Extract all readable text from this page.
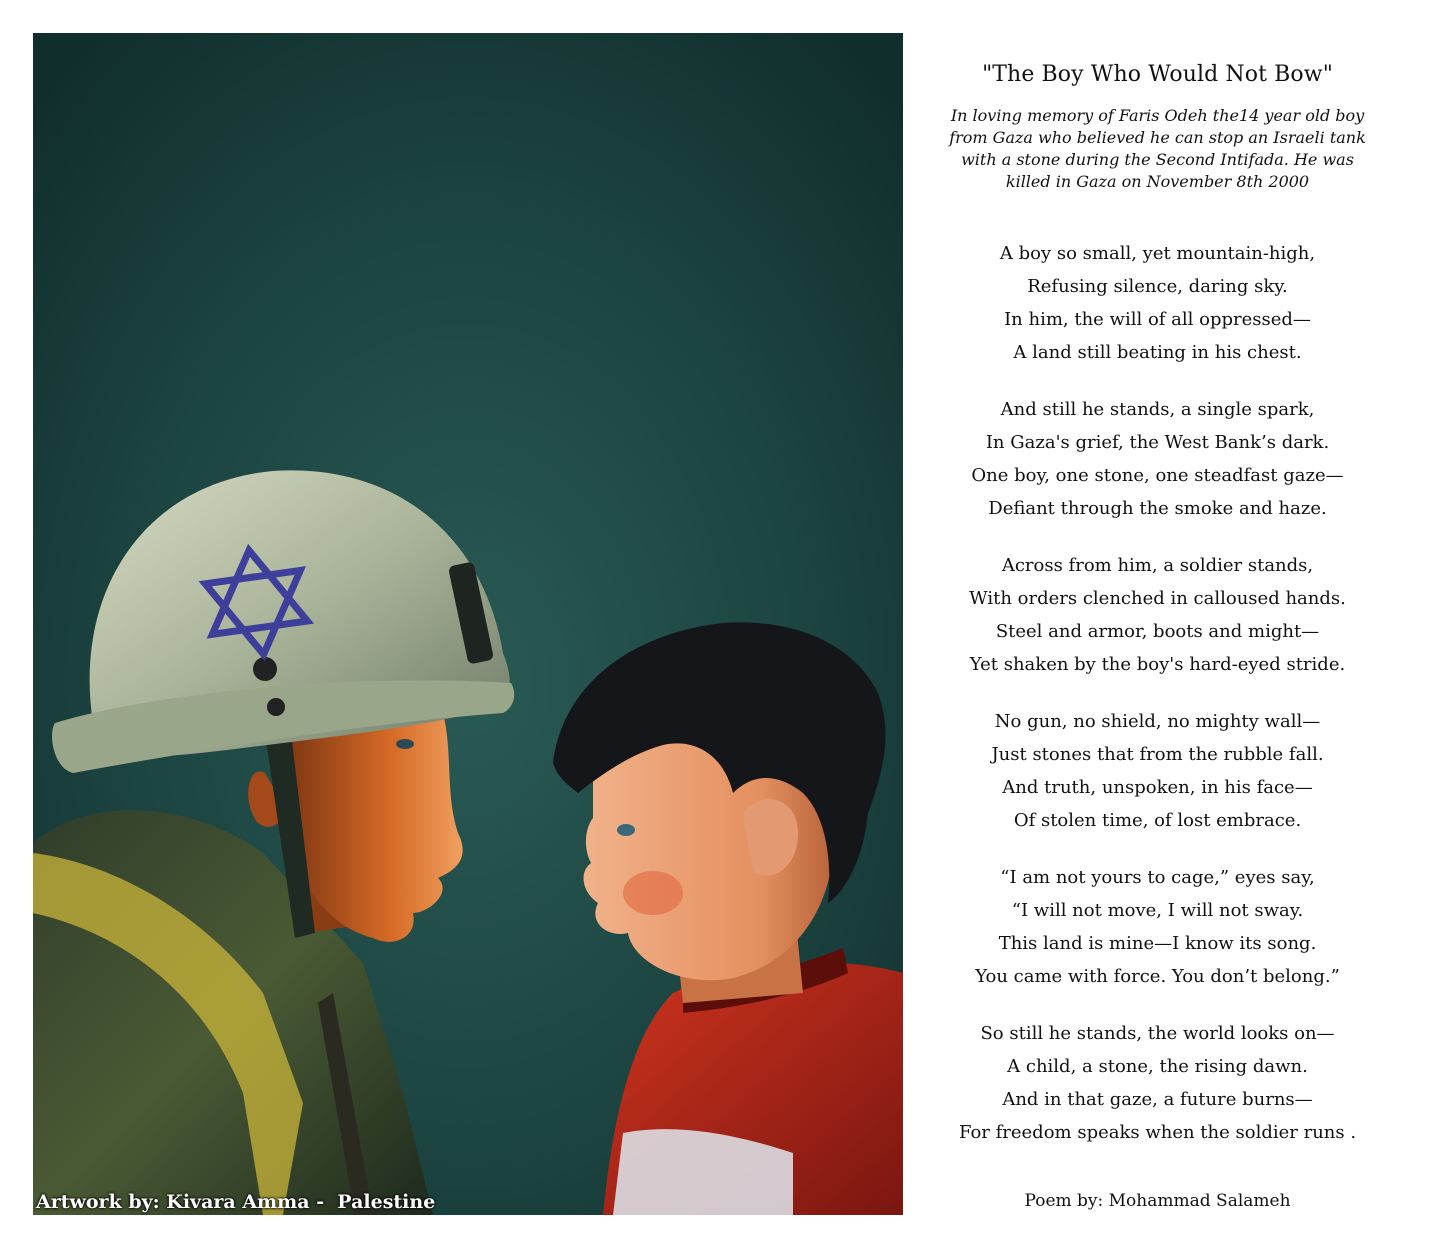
Artwork by: Kivara Amma -  Palestine
"The Boy Who Would Not Bow"

In loving memory of Faris Odeh the14 year old boy
from Gaza who believed he can stop an Israeli tank
with a stone during the Second Intifada. He was
killed in Gaza on November 8th 2000

A boy so small, yet mountain-high,
Refusing silence, daring sky.
In him, the will of all oppressed—
A land still beating in his chest.
And still he stands, a single spark,
In Gaza's grief, the West Bank’s dark.
One boy, one stone, one steadfast gaze—
Defiant through the smoke and haze.
Across from him, a soldier stands,
With orders clenched in calloused hands.
Steel and armor, boots and might—
Yet shaken by the boy's hard-eyed stride.
No gun, no shield, no mighty wall—
Just stones that from the rubble fall.
And truth, unspoken, in his face—
Of stolen time, of lost embrace.
“I am not yours to cage,” eyes say,
“I will not move, I will not sway.
This land is mine—I know its song.
You came with force. You don’t belong.”
So still he stands, the world looks on—
A child, a stone, the rising dawn.
And in that gaze, a future burns—
For freedom speaks when the soldier runs .
Poem by: Mohammad Salameh
